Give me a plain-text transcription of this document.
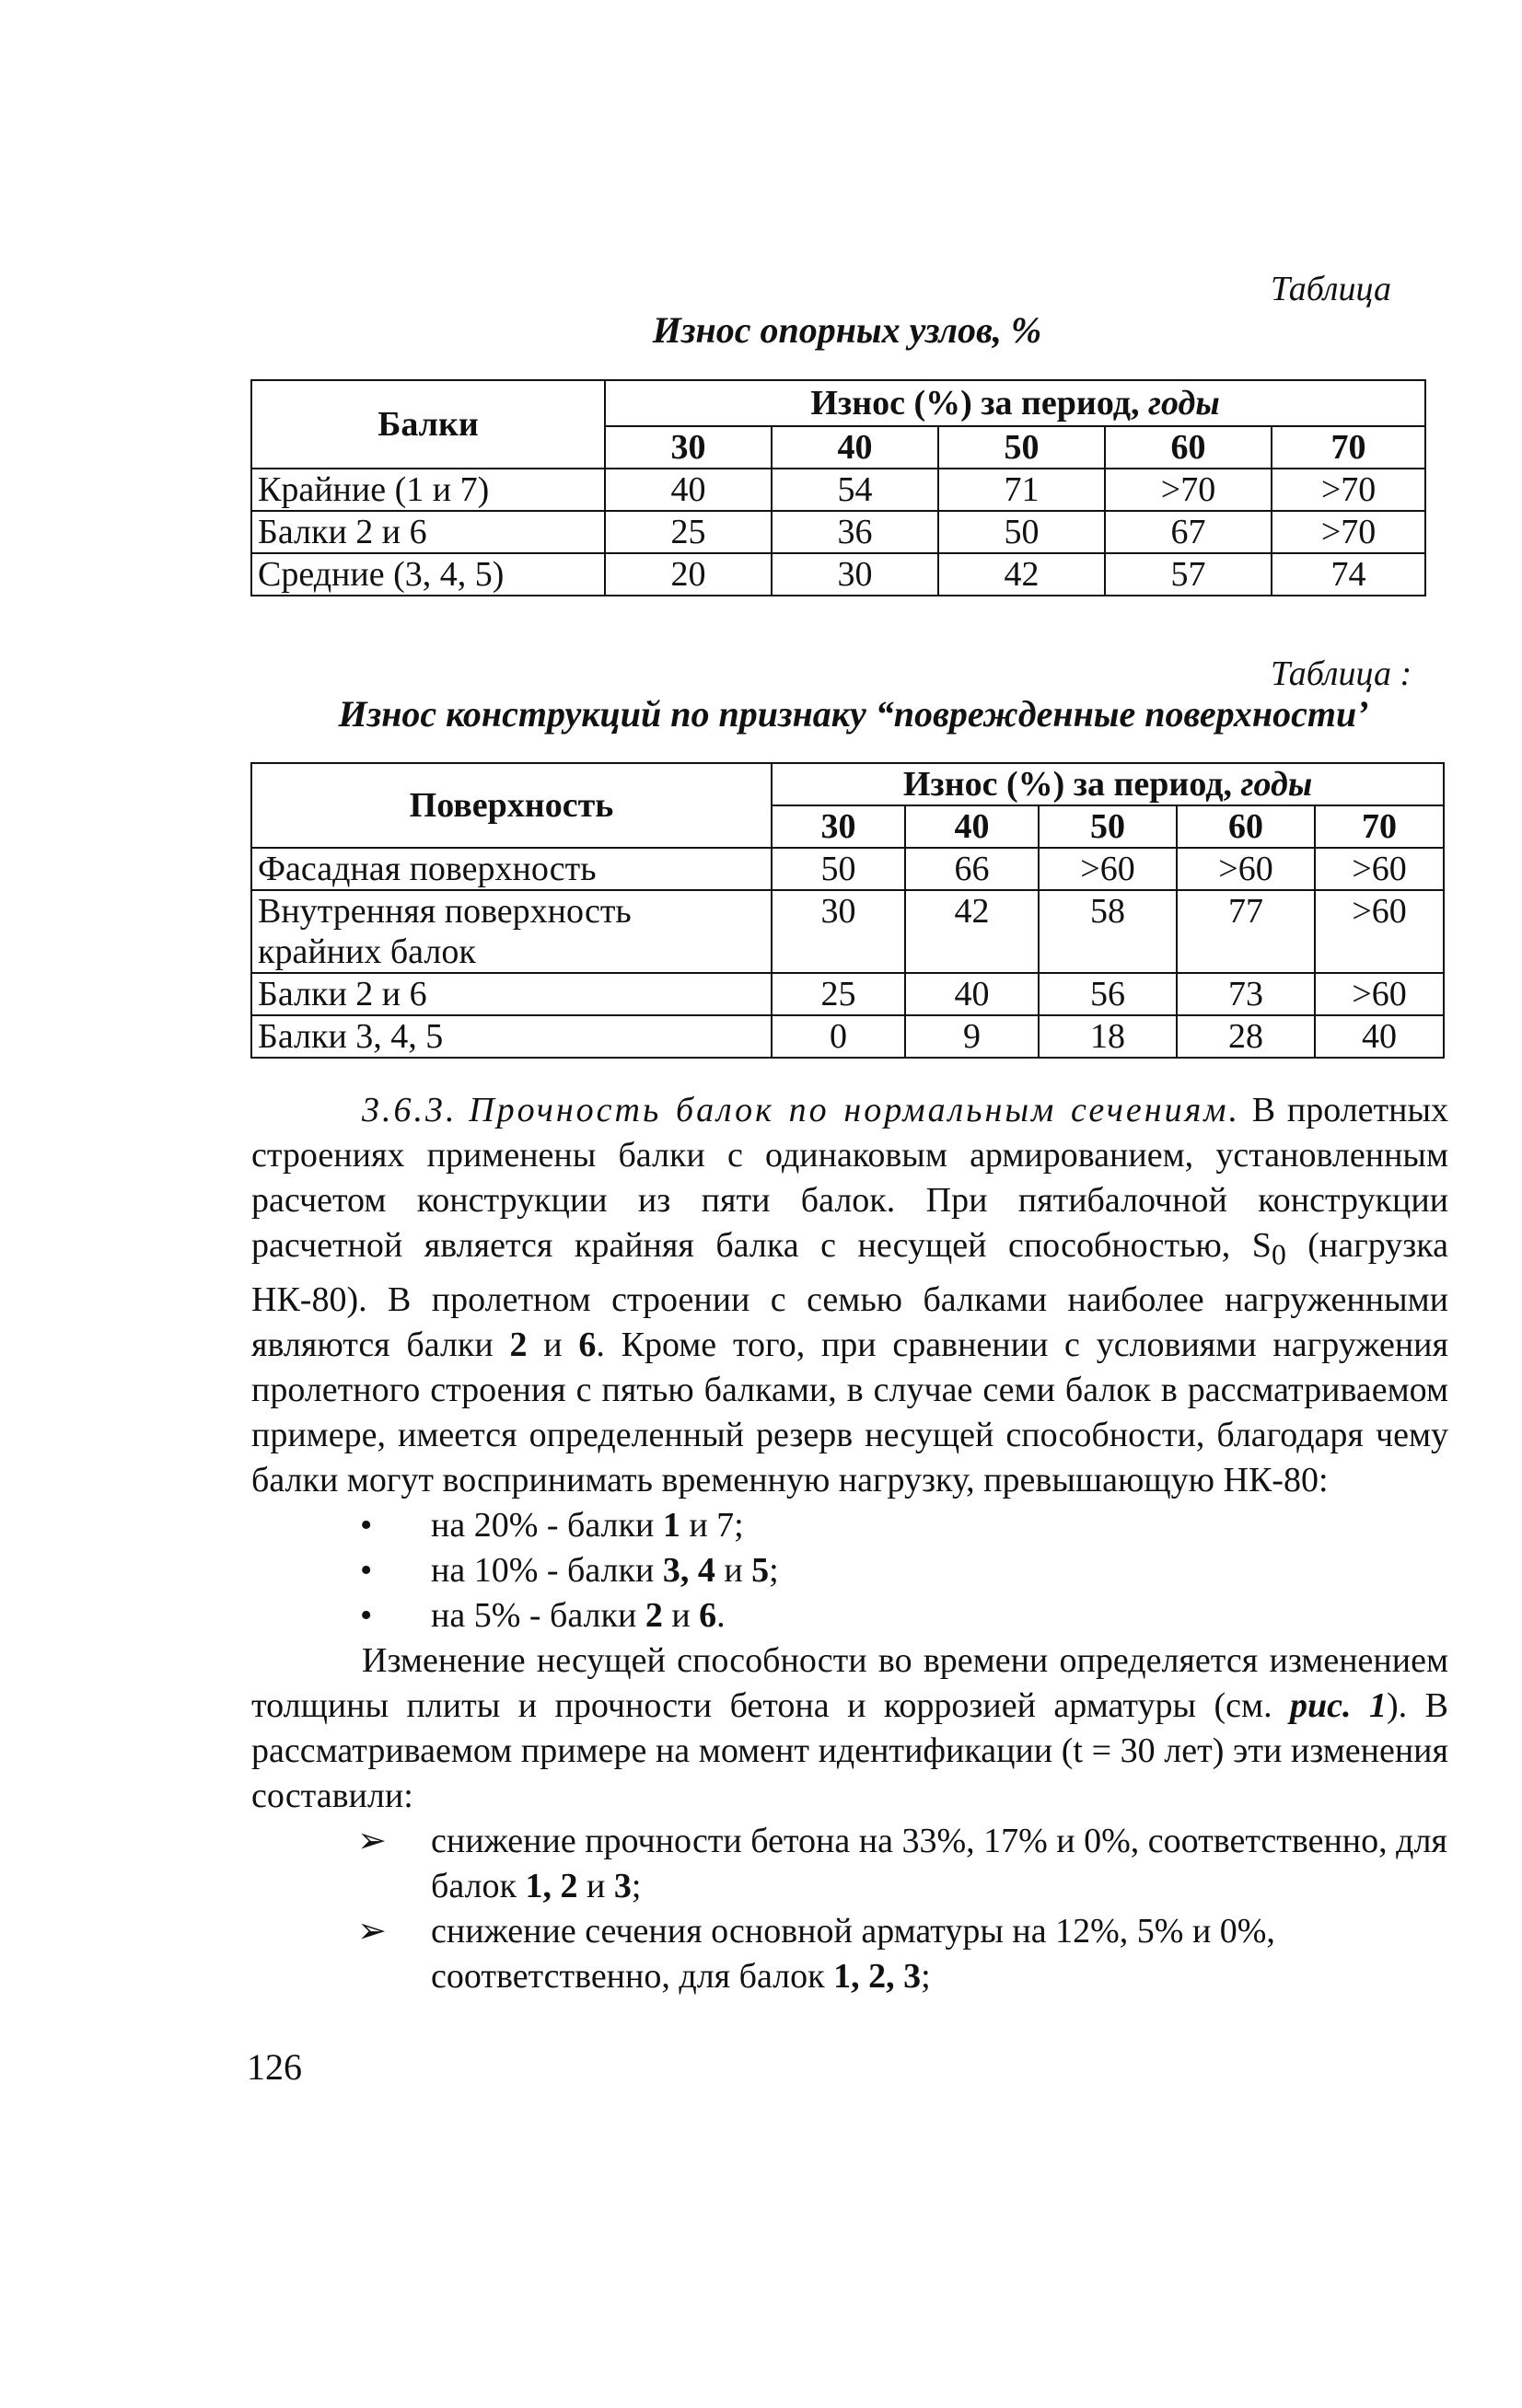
Таблица
Износ опорных узлов, %
Балки	Износ (%) за период, годы				
	30	40	50	60	70
Крайние (1 и 7)	40	54	71	>70	>70
Балки 2 и 6	25	36	50	67	>70
Средние (3, 4, 5)	20	30	42	57	74
Таблица :
Износ конструкций по признаку “поврежденные поверхности’
Поверхность	Износ (%) за период, годы				
	30	40	50	60	70
Фасадная поверхность	50	66	>60	>60	>60

Внутренняя поверхность
крайних балок	30	42	58	77	>60
Балки 2 и 6	25	40	56	73	>60
Балки 3, 4, 5	0	9	18	28	40

3.6.3. Прочность балок по нормальным сечениям. В пролетных строениях применены балки с одинаковым армированием, установленным расчетом конструкции из пяти балок. При пятибалочной конструкции расчетной является крайняя балка с несущей способностью, $S_0$ (нагрузка НК-80). В пролетном строении с семью балками наиболее нагруженными являются балки 2 и 6. Кроме того, при сравнении с условиями нагружения пролетного строения с пятью балками, в случае семи балок в рассматриваемом примере, имеется определенный резерв несущей способности, благодаря чему балки могут воспринимать временную нагрузку, превышающую НК-80:

• на 20% - балки 1 и 7;
• на 10% - балки 3, 4 и 5;
• на 5% - балки 2 и 6.

Изменение несущей способности во времени определяется изменением толщины плиты и прочности бетона и коррозией арматуры (см. рис. 1). В рассматриваемом примере на момент идентификации (t = 30 лет) эти изменения составили:

➢ снижение прочности бетона на 33%, 17% и 0%, соответственно, для балок 1, 2 и 3;
➢ снижение сечения основной арматуры на 12%, 5% и 0%, соответственно, для балок 1, 2, 3;
126
